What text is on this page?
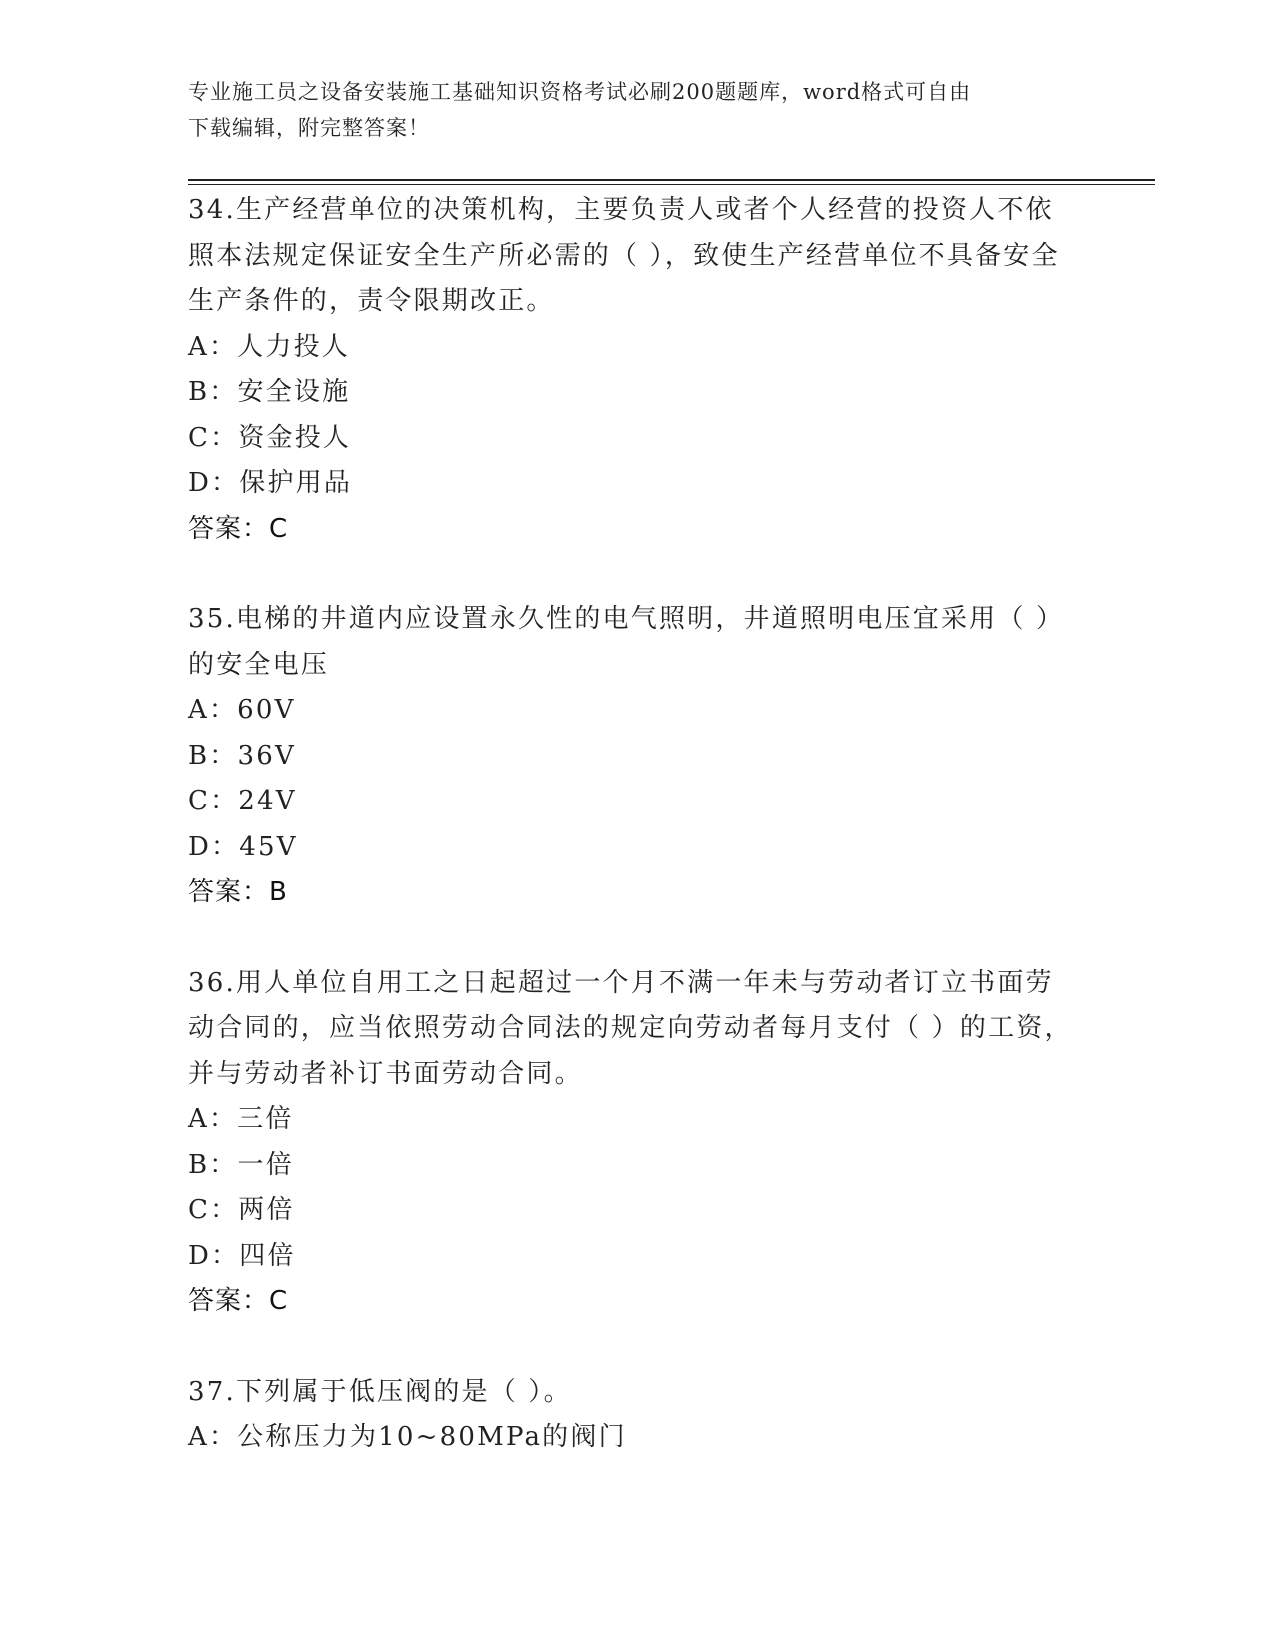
专业施工员之设备安装施工基础知识资格考试必刷200题题库，word格式可自由
下载编辑，附完整答案！
34.生产经营单位的决策机构，主要负责人或者个人经营的投资人不依照本法规定保证安全生产所必需的（ ），致使生产经营单位不具备安全生产条件的，责令限期改正。
A：人力投人
B：安全设施
C：资金投人
D：保护用品
答案：C
35.电梯的井道内应设置永久性的电气照明，井道照明电压宜采用（ ）的安全电压
A：60V
B：36V
C：24V
D：45V
答案：B
36.用人单位自用工之日起超过一个月不满一年未与劳动者订立书面劳动合同的，应当依照劳动合同法的规定向劳动者每月支付（ ）的工资，并与劳动者补订书面劳动合同。
A：三倍
B：一倍
C：两倍
D：四倍
答案：C
37.下列属于低压阀的是（ ）。
A：公称压力为10~80MPa的阀门
